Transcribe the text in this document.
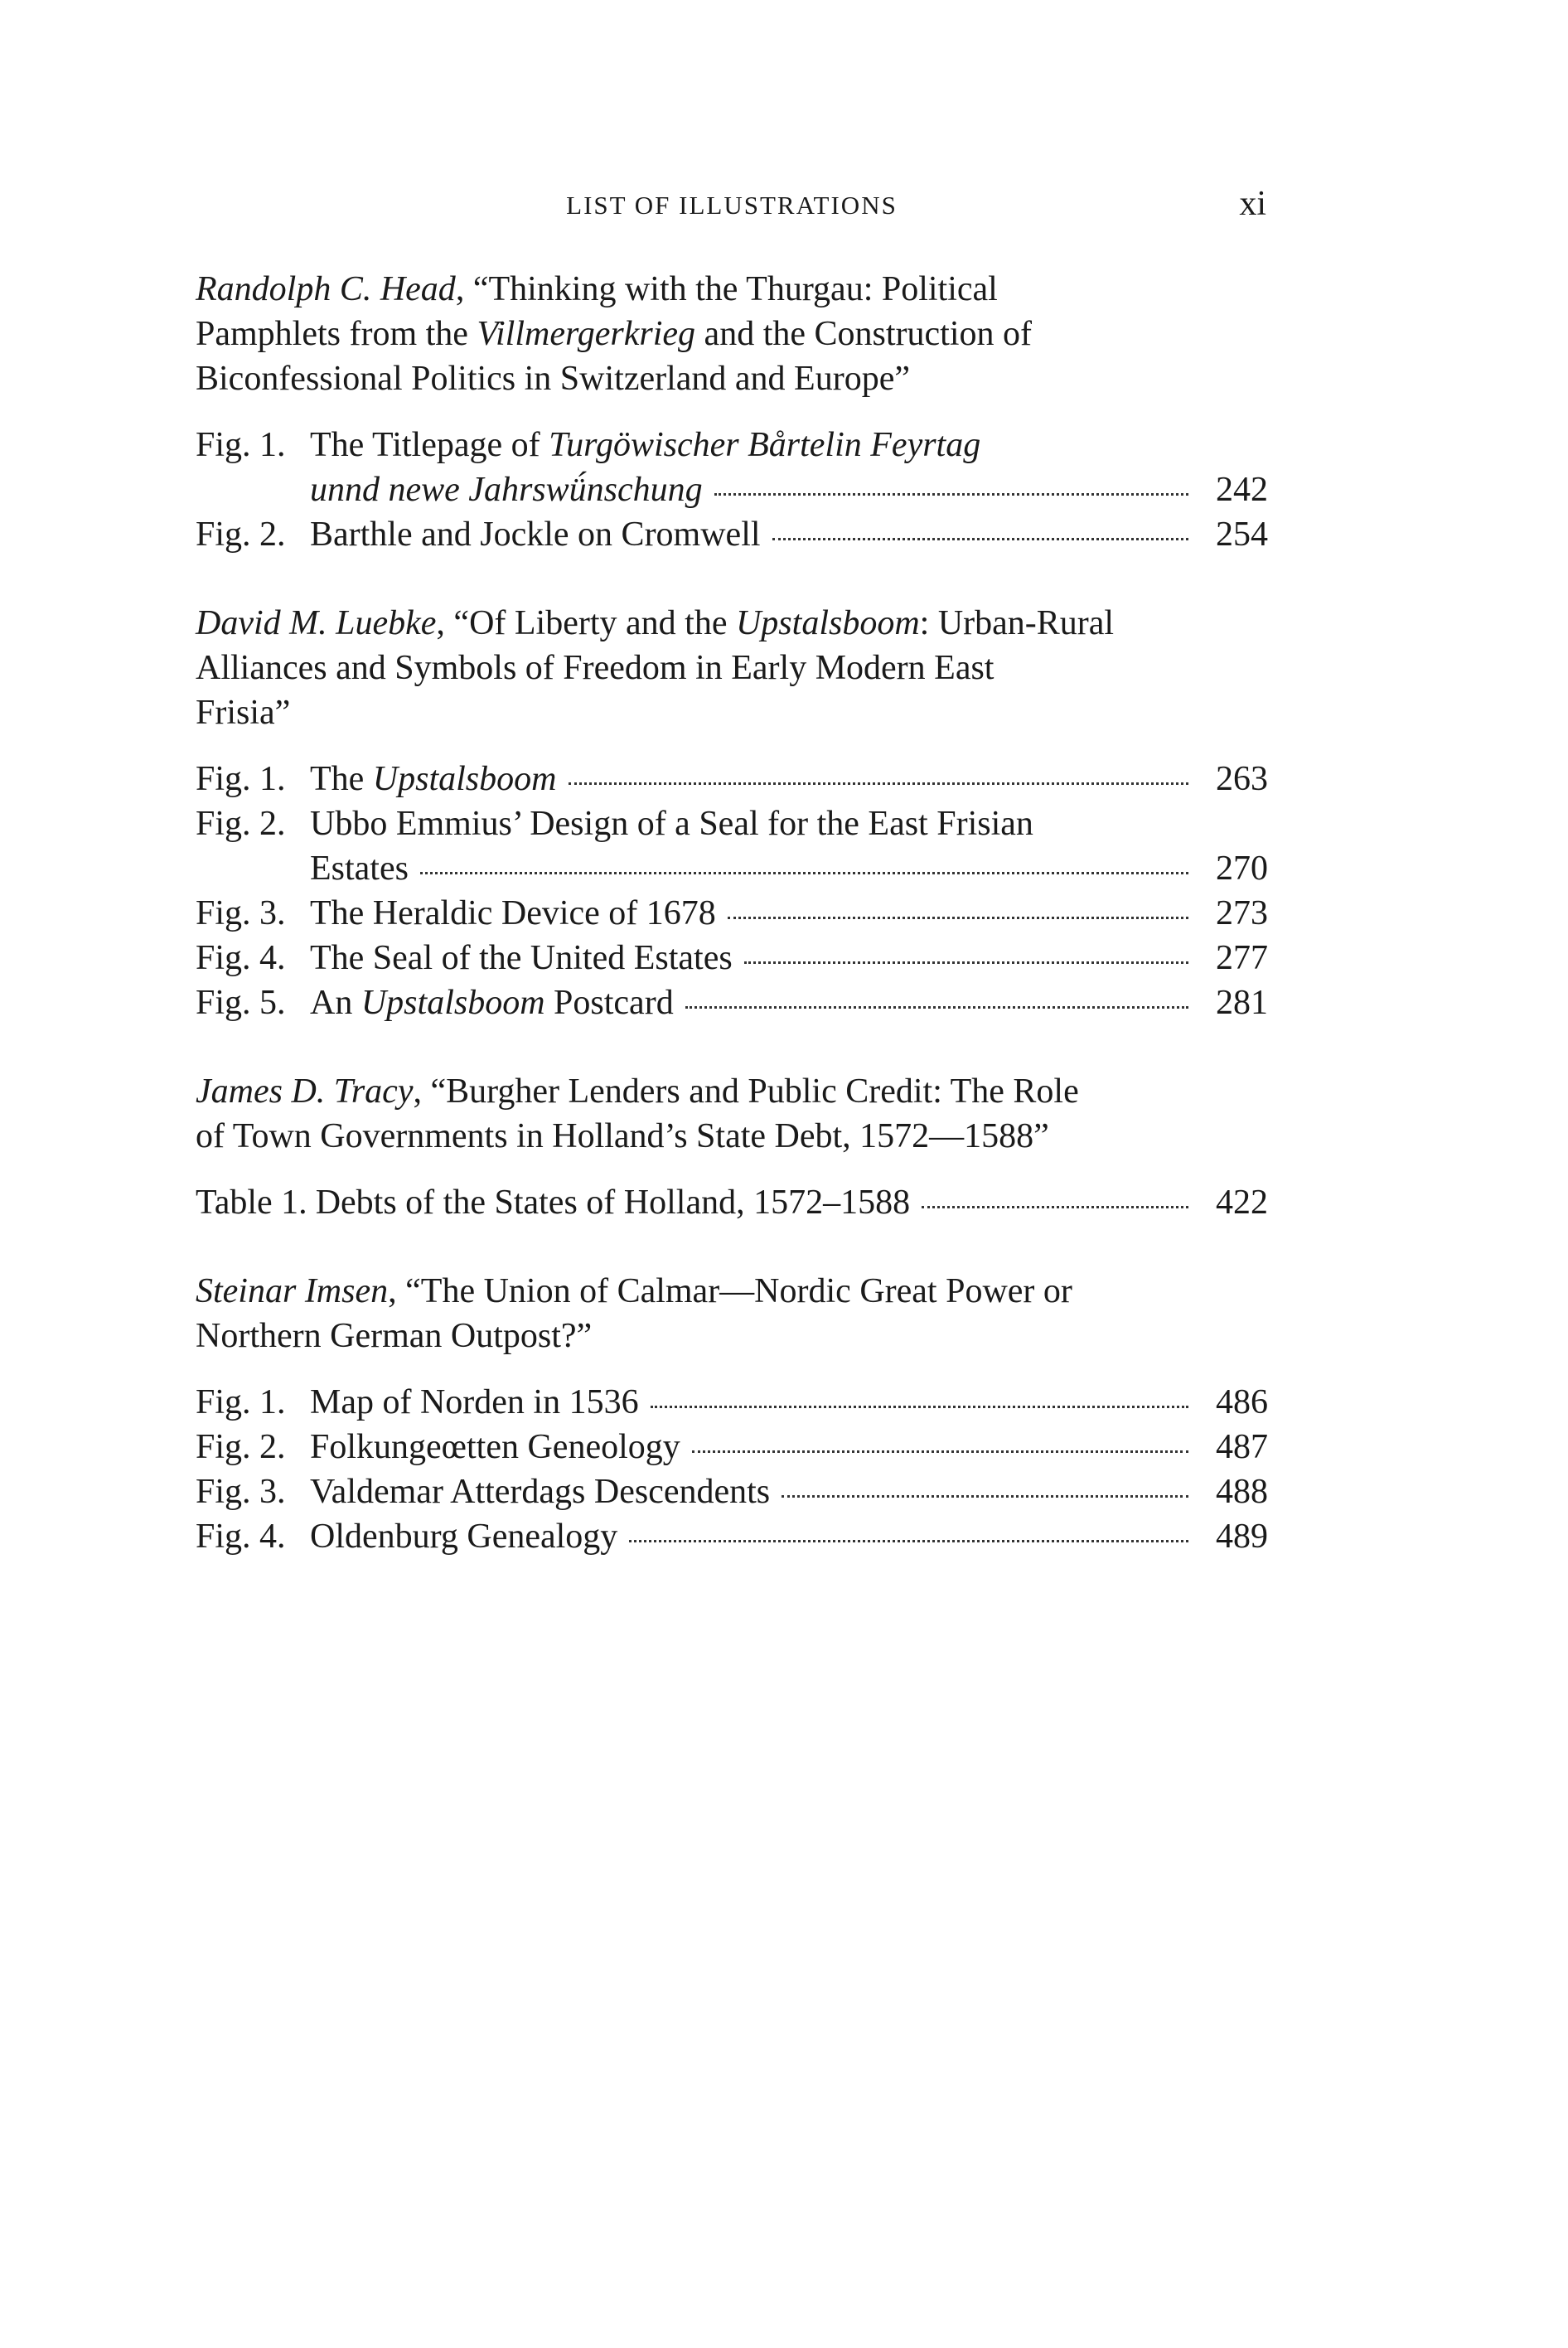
LIST OF ILLUSTRATIONS	xi
Randolph C. Head, “Thinking with the Thurgau: Political
Pamphlets from the Villmergerkrieg and the Construction of
Biconfessional Politics in Switzerland and Europe”
Fig. 1. The Titlepage of Turgöwischer Bårtelin Feyrtag
unnd newe Jahrswǘnschung	242
Fig. 2. Barthle and Jockle on Cromwell	254
David M. Luebke, “Of Liberty and the Upstalsboom: Urban-Rural
Alliances and Symbols of Freedom in Early Modern East
Frisia”
Fig. 1. The Upstalsboom	263
Fig. 2. Ubbo Emmius’ Design of a Seal for the East Frisian
Estates	270
Fig. 3. The Heraldic Device of 1678	273
Fig. 4. The Seal of the United Estates	277
Fig. 5. An Upstalsboom Postcard	281
James D. Tracy, “Burgher Lenders and Public Credit: The Role
of Town Governments in Holland’s State Debt, 1572—1588”
Table 1. Debts of the States of Holland, 1572–1588	422
Steinar Imsen, “The Union of Calmar—Nordic Great Power or
Northern German Outpost?”
Fig. 1. Map of Norden in 1536	486
Fig. 2. Folkungeœtten Geneology	487
Fig. 3. Valdemar Atterdags Descendents	488
Fig. 4. Oldenburg Genealogy	489
